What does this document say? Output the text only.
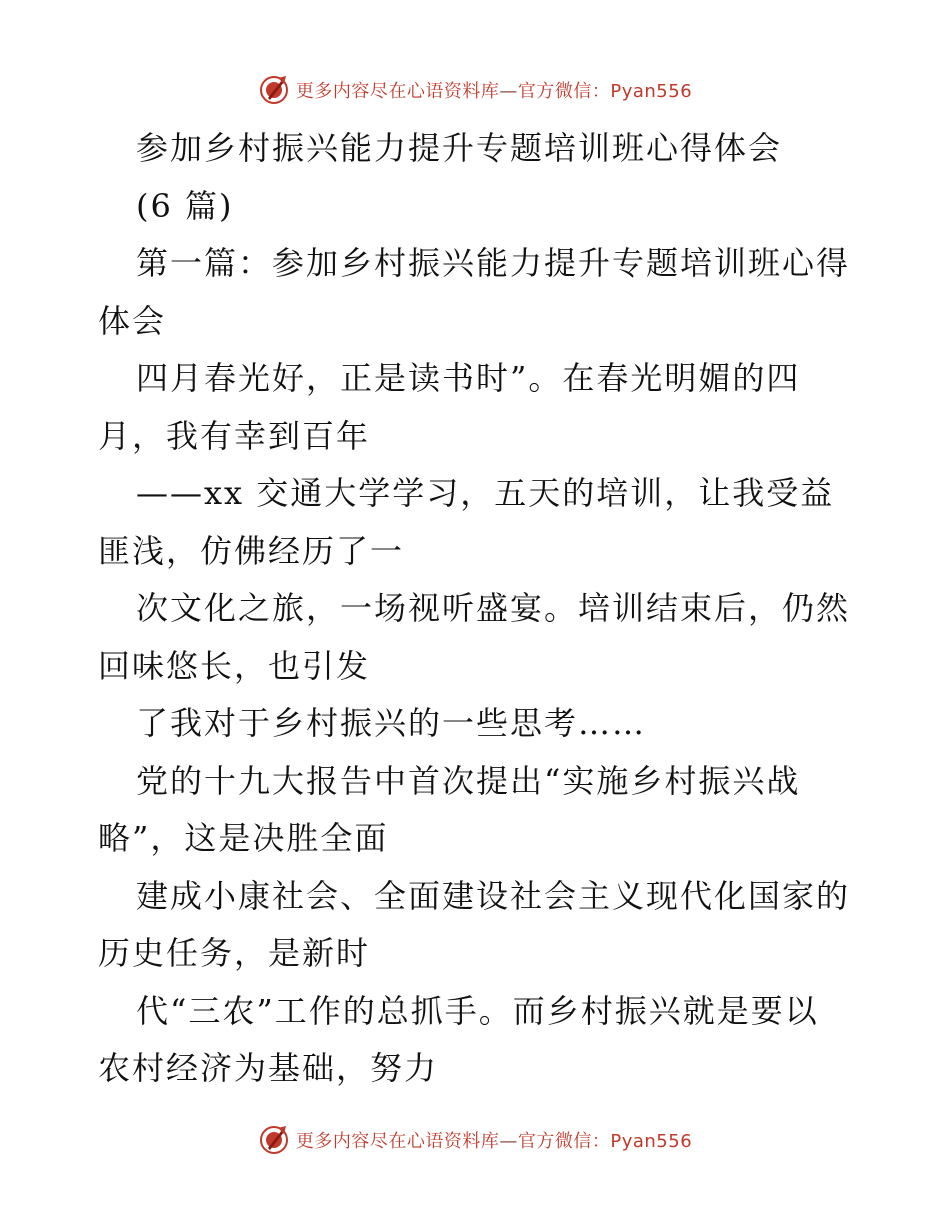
更多内容尽在心语资料库—官方微信：Pyan556
参加乡村振兴能力提升专题培训班心得体会
(6 篇)
第一篇：参加乡村振兴能力提升专题培训班心得
体会
四月春光好，正是读书时”。在春光明媚的四
月，我有幸到百年
——xx 交通大学学习，五天的培训，让我受益
匪浅，仿佛经历了一
次文化之旅，一场视听盛宴。培训结束后，仍然
回味悠长，也引发
了我对于乡村振兴的一些思考……
党的十九大报告中首次提出“实施乡村振兴战
略”，这是决胜全面
建成小康社会、全面建设社会主义现代化国家的
历史任务，是新时
代“三农”工作的总抓手。而乡村振兴就是要以
农村经济为基础，努力
更多内容尽在心语资料库—官方微信：Pyan556
